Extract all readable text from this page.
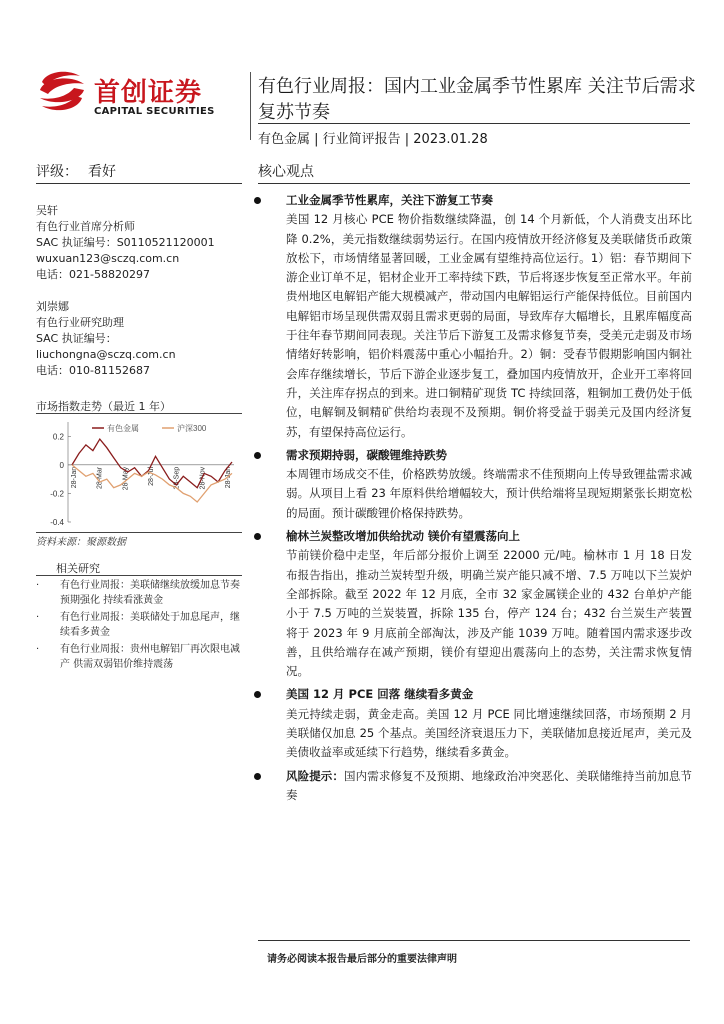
首创证券
CAPITAL SECURITIES
有色行业周报：国内工业金属季节性累库 关注节后需求复苏节奏
有色金属 | 行业简评报告 | 2023.01.28
评级： 看好	核心观点
吴轩
有色行业首席分析师
SAC 执证编号：S0110521120001
wuxuan123@sczq.com.cn
电话：021-58820297
刘崇娜
有色行业研究助理
SAC 执证编号：
liuchongna@sczq.com.cn
电话：010-81152687
市场指数走势（最近 1 年）
0.2
0
-0.2
-0.4
28-Jan	28-Mar	28-May	28-Jul	28-Sep	28-Nov	28-Jan
有色金属	沪深300
资料来源：聚源数据
相关研究
· 有色行业周报：美联储继续放缓加息节奏预期强化 持续看涨黄金
· 有色行业周报：美联储处于加息尾声，继续看多黄金
· 有色行业周报：贵州电解铝厂再次限电减产 供需双弱铝价维持震荡
工业金属季节性累库，关注下游复工节奏

美国 12 月核心 PCE 物价指数继续降温，创 14 个月新低，个人消费支出环比降 0.2%，美元指数继续弱势运行。在国内疫情放开经济修复及美联储货币政策放松下，市场情绪显著回暖，工业金属有望维持高位运行。1）铝：春节期间下游企业订单不足，铝材企业开工率持续下跌，节后将逐步恢复至正常水平。年前贵州地区电解铝产能大规模减产，带动国内电解铝运行产能保持低位。目前国内电解铝市场呈现供需双弱且需求更弱的局面，导致库存大幅增长，且累库幅度高于往年春节期间同表现。关注节后下游复工及需求修复节奏，受美元走弱及市场情绪好转影响，铝价料震荡中重心小幅抬升。2）铜：受春节假期影响国内铜社会库存继续增长，节后下游企业逐步复工，叠加国内疫情放开，企业开工率将回升，关注库存拐点的到来。进口铜精矿现货 TC 持续回落，粗铜加工费仍处于低位，电解铜及铜精矿供给均表现不及预期。铜价将受益于弱美元及国内经济复苏，有望保持高位运行。

需求预期持弱，碳酸锂维持跌势

本周锂市场成交不佳，价格跌势放缓。终端需求不佳预期向上传导致锂盐需求减弱。从项目上看 23 年原料供给增幅较大，预计供给端将呈现短期紧张长期宽松的局面。预计碳酸锂价格保持跌势。

榆林兰炭整改增加供给扰动 镁价有望震荡向上

节前镁价稳中走坚，年后部分报价上调至 22000 元/吨。榆林市 1 月 18 日发布报告指出，推动兰炭转型升级，明确兰炭产能只减不增、7.5 万吨以下兰炭炉全部拆除。截至 2022 年 12 月底，全市 32 家金属镁企业的 432 台单炉产能小于 7.5 万吨的兰炭装置，拆除 135 台，停产 124 台；432 台兰炭生产装置将于 2023 年 9 月底前全部淘汰，涉及产能 1039 万吨。随着国内需求逐步改善，且供给端存在减产预期，镁价有望迎出震荡向上的态势，关注需求恢复情况。

美国 12 月 PCE 回落 继续看多黄金

美元持续走弱，黄金走高。美国 12 月 PCE 同比增速继续回落，市场预期 2 月美联储仅加息 25 个基点。美国经济衰退压力下，美联储加息接近尾声，美元及美债收益率或延续下行趋势，继续看多黄金。

风险提示：国内需求修复不及预期、地缘政治冲突恶化、美联储维持当前加息节奏

请务必阅读本报告最后部分的重要法律声明
